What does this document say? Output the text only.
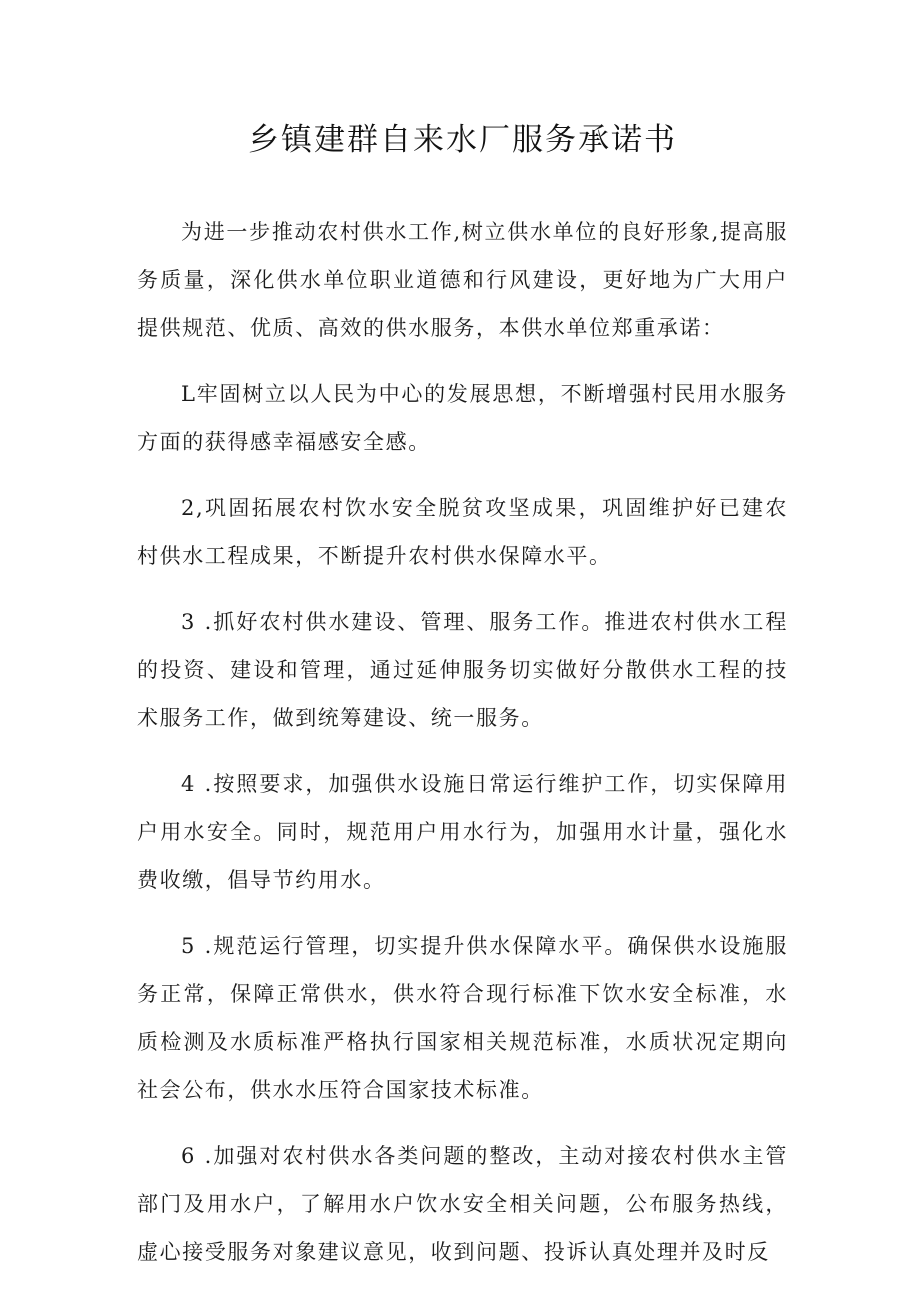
乡镇建群自来水厂服务承诺书

为进一步推动农村供水工作,树立供水单位的良好形象,提高服务质量，深化供水单位职业道德和行风建设，更好地为广大用户提供规范、优质、高效的供水服务，本供水单位郑重承诺：

L牢固树立以人民为中心的发展思想，不断增强村民用水服务方面的获得感幸福感安全感。

2,巩固拓展农村饮水安全脱贫攻坚成果，巩固维护好已建农村供水工程成果，不断提升农村供水保障水平。

3 .抓好农村供水建设、管理、服务工作。推进农村供水工程的投资、建设和管理，通过延伸服务切实做好分散供水工程的技术服务工作，做到统筹建设、统一服务。

4 .按照要求，加强供水设施日常运行维护工作，切实保障用户用水安全。同时，规范用户用水行为，加强用水计量，强化水费收缴，倡导节约用水。

5 .规范运行管理，切实提升供水保障水平。确保供水设施服务正常，保障正常供水，供水符合现行标准下饮水安全标准，水质检测及水质标准严格执行国家相关规范标准，水质状况定期向社会公布，供水水压符合国家技术标准。

6 .加强对农村供水各类问题的整改，主动对接农村供水主管部门及用水户，了解用水户饮水安全相关问题，公布服务热线，虚心接受服务对象建议意见，收到问题、投诉认真处理并及时反
